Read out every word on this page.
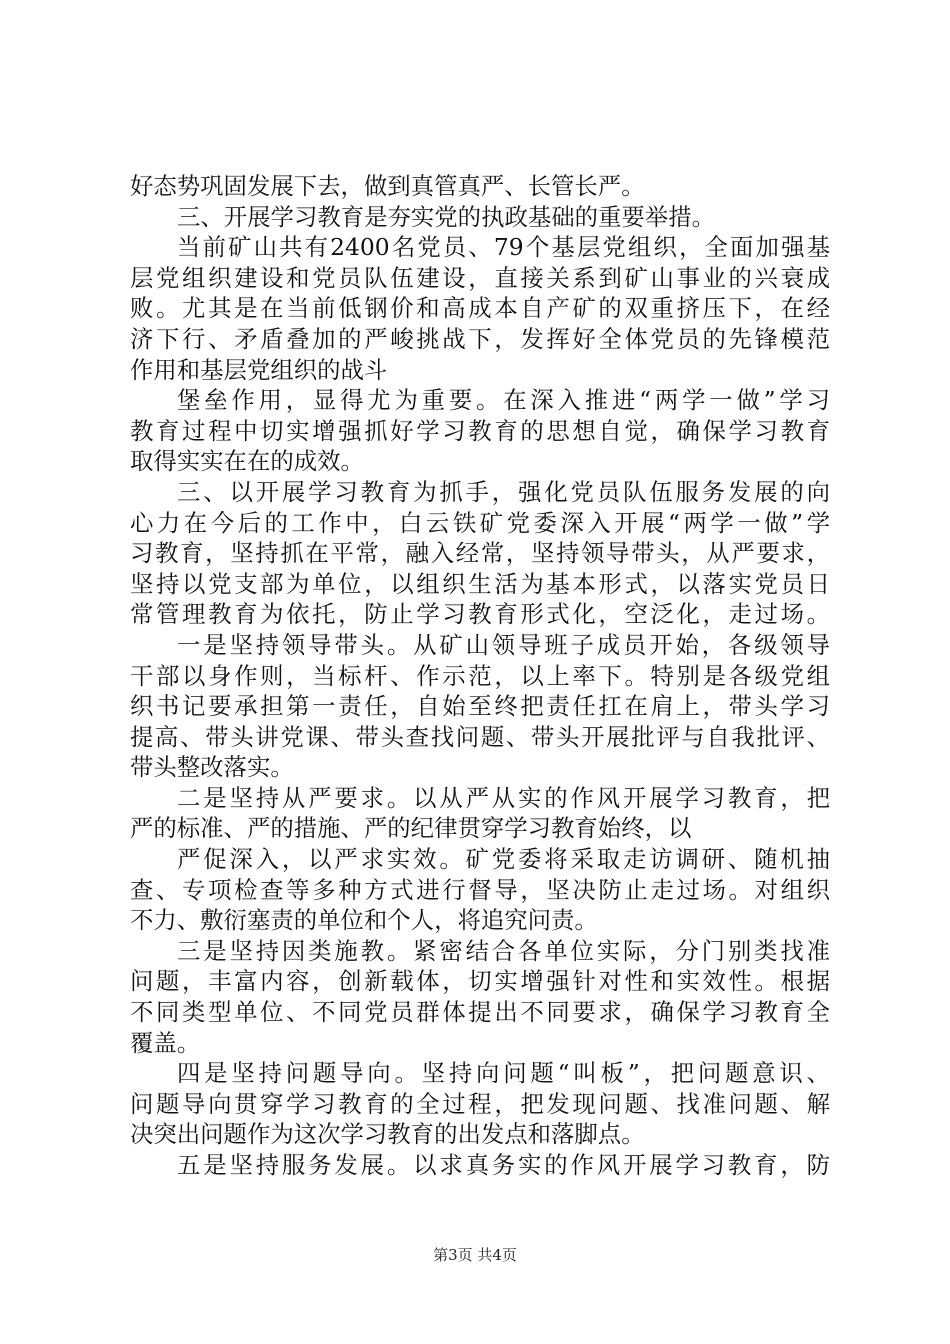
好态势巩固发展下去，做到真管真严、长管长严。
三、开展学习教育是夯实党的执政基础的重要举措。
当前矿山共有2400名党员、79个基层党组织，全面加强基
层党组织建设和党员队伍建设，直接关系到矿山事业的兴衰成
败。尤其是在当前低钢价和高成本自产矿的双重挤压下，在经
济下行、矛盾叠加的严峻挑战下，发挥好全体党员的先锋模范
作用和基层党组织的战斗
堡垒作用，显得尤为重要。在深入推进“两学一做”学习
教育过程中切实增强抓好学习教育的思想自觉，确保学习教育
取得实实在在的成效。
三、以开展学习教育为抓手，强化党员队伍服务发展的向
心力在今后的工作中，白云铁矿党委深入开展“两学一做”学
习教育，坚持抓在平常，融入经常，坚持领导带头，从严要求，
坚持以党支部为单位，以组织生活为基本形式，以落实党员日
常管理教育为依托，防止学习教育形式化，空泛化，走过场。
一是坚持领导带头。从矿山领导班子成员开始，各级领导
干部以身作则，当标杆、作示范，以上率下。特别是各级党组
织书记要承担第一责任，自始至终把责任扛在肩上，带头学习
提高、带头讲党课、带头查找问题、带头开展批评与自我批评、
带头整改落实。
二是坚持从严要求。以从严从实的作风开展学习教育，把
严的标准、严的措施、严的纪律贯穿学习教育始终，以
严促深入，以严求实效。矿党委将采取走访调研、随机抽
查、专项检查等多种方式进行督导，坚决防止走过场。对组织
不力、敷衍塞责的单位和个人，将追究问责。
三是坚持因类施教。紧密结合各单位实际，分门别类找准
问题，丰富内容，创新载体，切实增强针对性和实效性。根据
不同类型单位、不同党员群体提出不同要求，确保学习教育全
覆盖。
四是坚持问题导向。坚持向问题“叫板”，把问题意识、
问题导向贯穿学习教育的全过程，把发现问题、找准问题、解
决突出问题作为这次学习教育的出发点和落脚点。
五是坚持服务发展。以求真务实的作风开展学习教育，防
第3页 共4页
